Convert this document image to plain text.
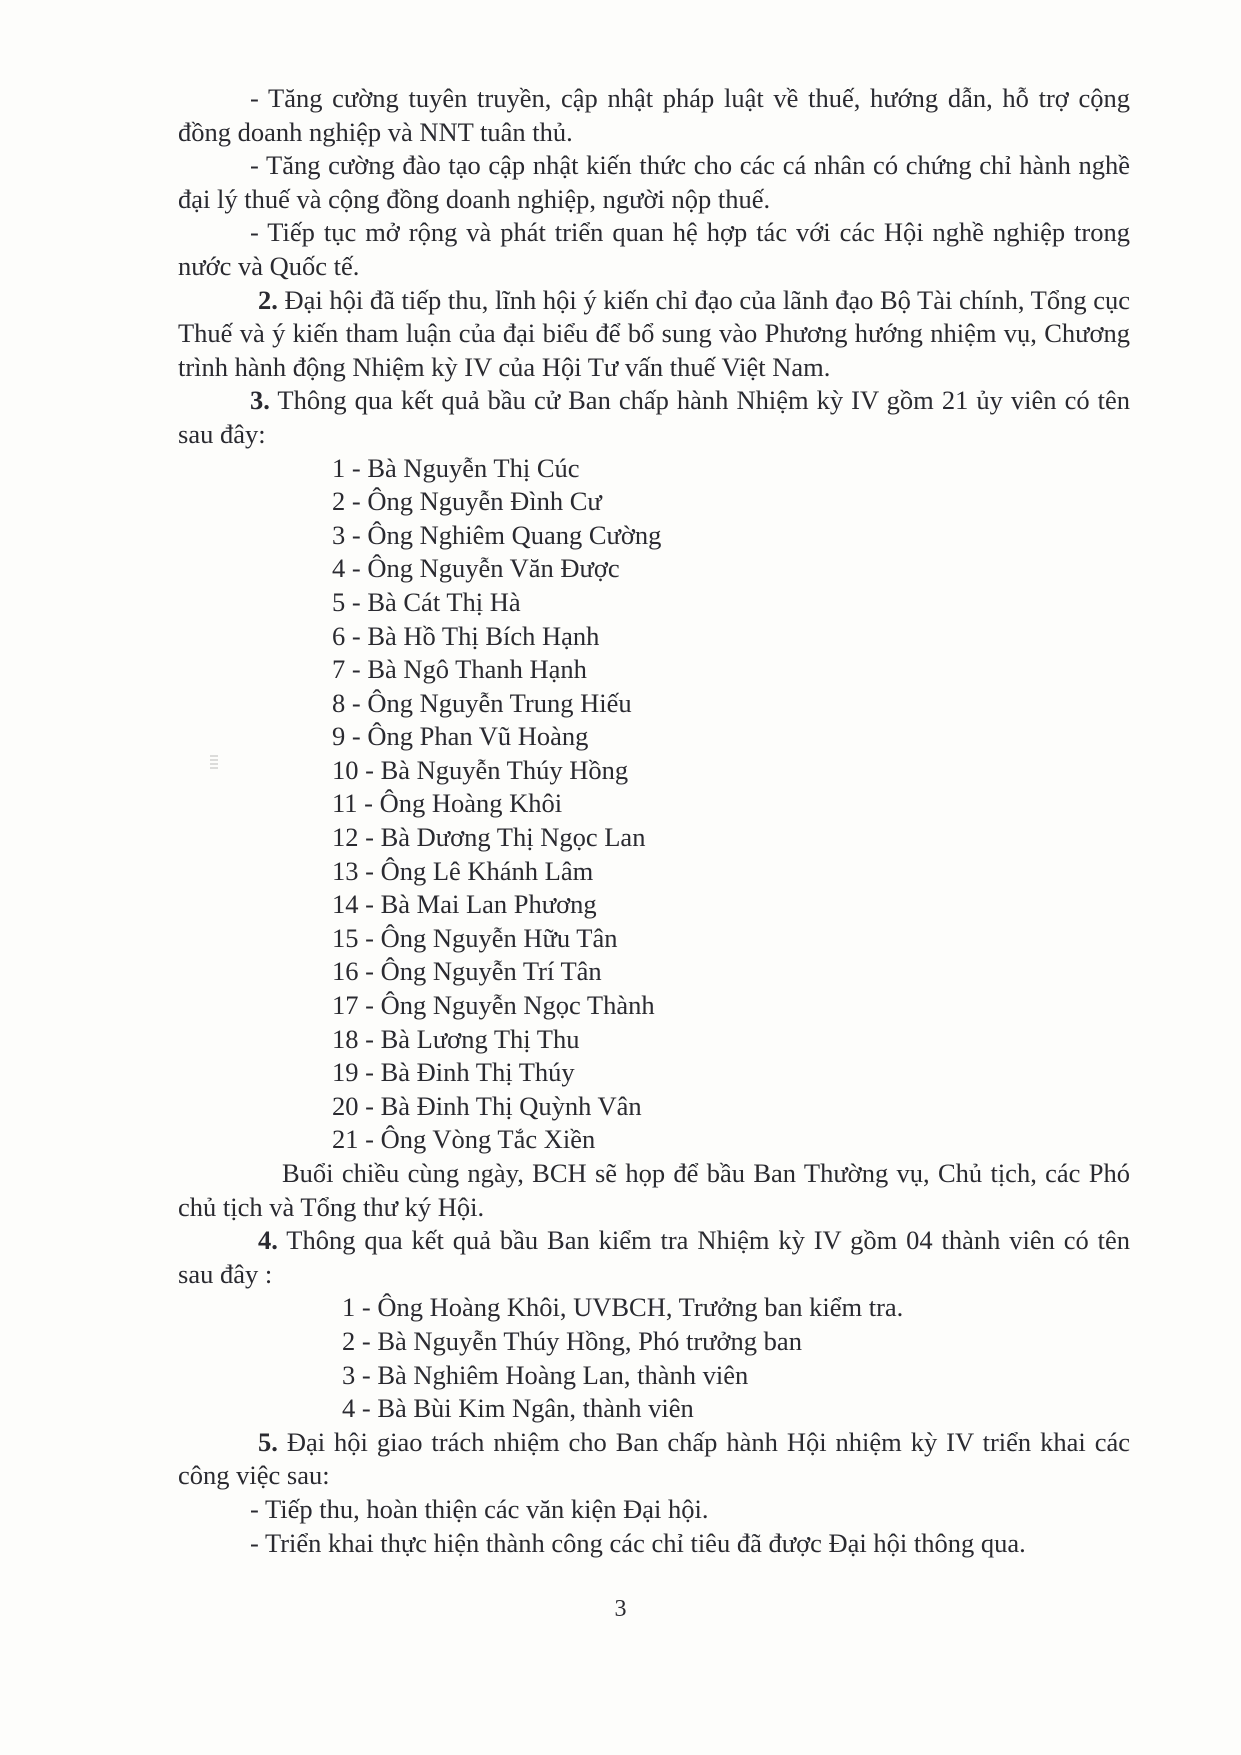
- Tăng cường tuyên truyền, cập nhật pháp luật về thuế, hướng dẫn, hỗ trợ cộng đồng doanh nghiệp và NNT tuân thủ.

- Tăng cường đào tạo cập nhật kiến thức cho các cá nhân có chứng chỉ hành nghề đại lý thuế và cộng đồng doanh nghiệp, người nộp thuế.

- Tiếp tục mở rộng và phát triển quan hệ hợp tác với các Hội nghề nghiệp trong nước và Quốc tế.

2. Đại hội đã tiếp thu, lĩnh hội ý kiến chỉ đạo của lãnh đạo Bộ Tài chính, Tổng cục Thuế và ý kiến tham luận của đại biểu để bổ sung vào Phương hướng nhiệm vụ, Chương trình hành động Nhiệm kỳ IV của Hội Tư vấn thuế Việt Nam.

3. Thông qua kết quả bầu cử Ban chấp hành Nhiệm kỳ IV gồm 21 ủy viên có tên sau đây:

1 - Bà Nguyễn Thị Cúc
2 - Ông Nguyễn Đình Cư
3 - Ông Nghiêm Quang Cường
4 - Ông Nguyễn Văn Được
5 - Bà Cát Thị Hà
6 - Bà Hồ Thị Bích Hạnh
7 - Bà Ngô Thanh Hạnh
8 - Ông Nguyễn Trung Hiếu
9 - Ông Phan Vũ Hoàng
10 - Bà Nguyễn Thúy Hồng
11 - Ông Hoàng Khôi
12 - Bà Dương Thị Ngọc Lan
13 - Ông Lê Khánh Lâm
14 - Bà Mai Lan Phương
15 - Ông Nguyễn Hữu Tân
16 - Ông Nguyễn Trí Tân
17 - Ông Nguyễn Ngọc Thành
18 - Bà Lương Thị Thu
19 - Bà Đinh Thị Thúy
20 - Bà Đinh Thị Quỳnh Vân
21 - Ông Vòng Tắc Xiền

Buổi chiều cùng ngày, BCH sẽ họp để bầu Ban Thường vụ, Chủ tịch, các Phó chủ tịch và Tổng thư ký Hội.

4. Thông qua kết quả bầu Ban kiểm tra Nhiệm kỳ IV gồm 04 thành viên có tên sau đây :

1 - Ông Hoàng Khôi, UVBCH, Trưởng ban kiểm tra.
2 - Bà Nguyễn Thúy Hồng, Phó trưởng ban
3 - Bà Nghiêm Hoàng Lan, thành viên
4 - Bà Bùi Kim Ngân, thành viên

5. Đại hội giao trách nhiệm cho Ban chấp hành Hội nhiệm kỳ IV triển khai các công việc sau:

- Tiếp thu, hoàn thiện các văn kiện Đại hội.

- Triển khai thực hiện thành công các chỉ tiêu đã được Đại hội thông qua.

3
